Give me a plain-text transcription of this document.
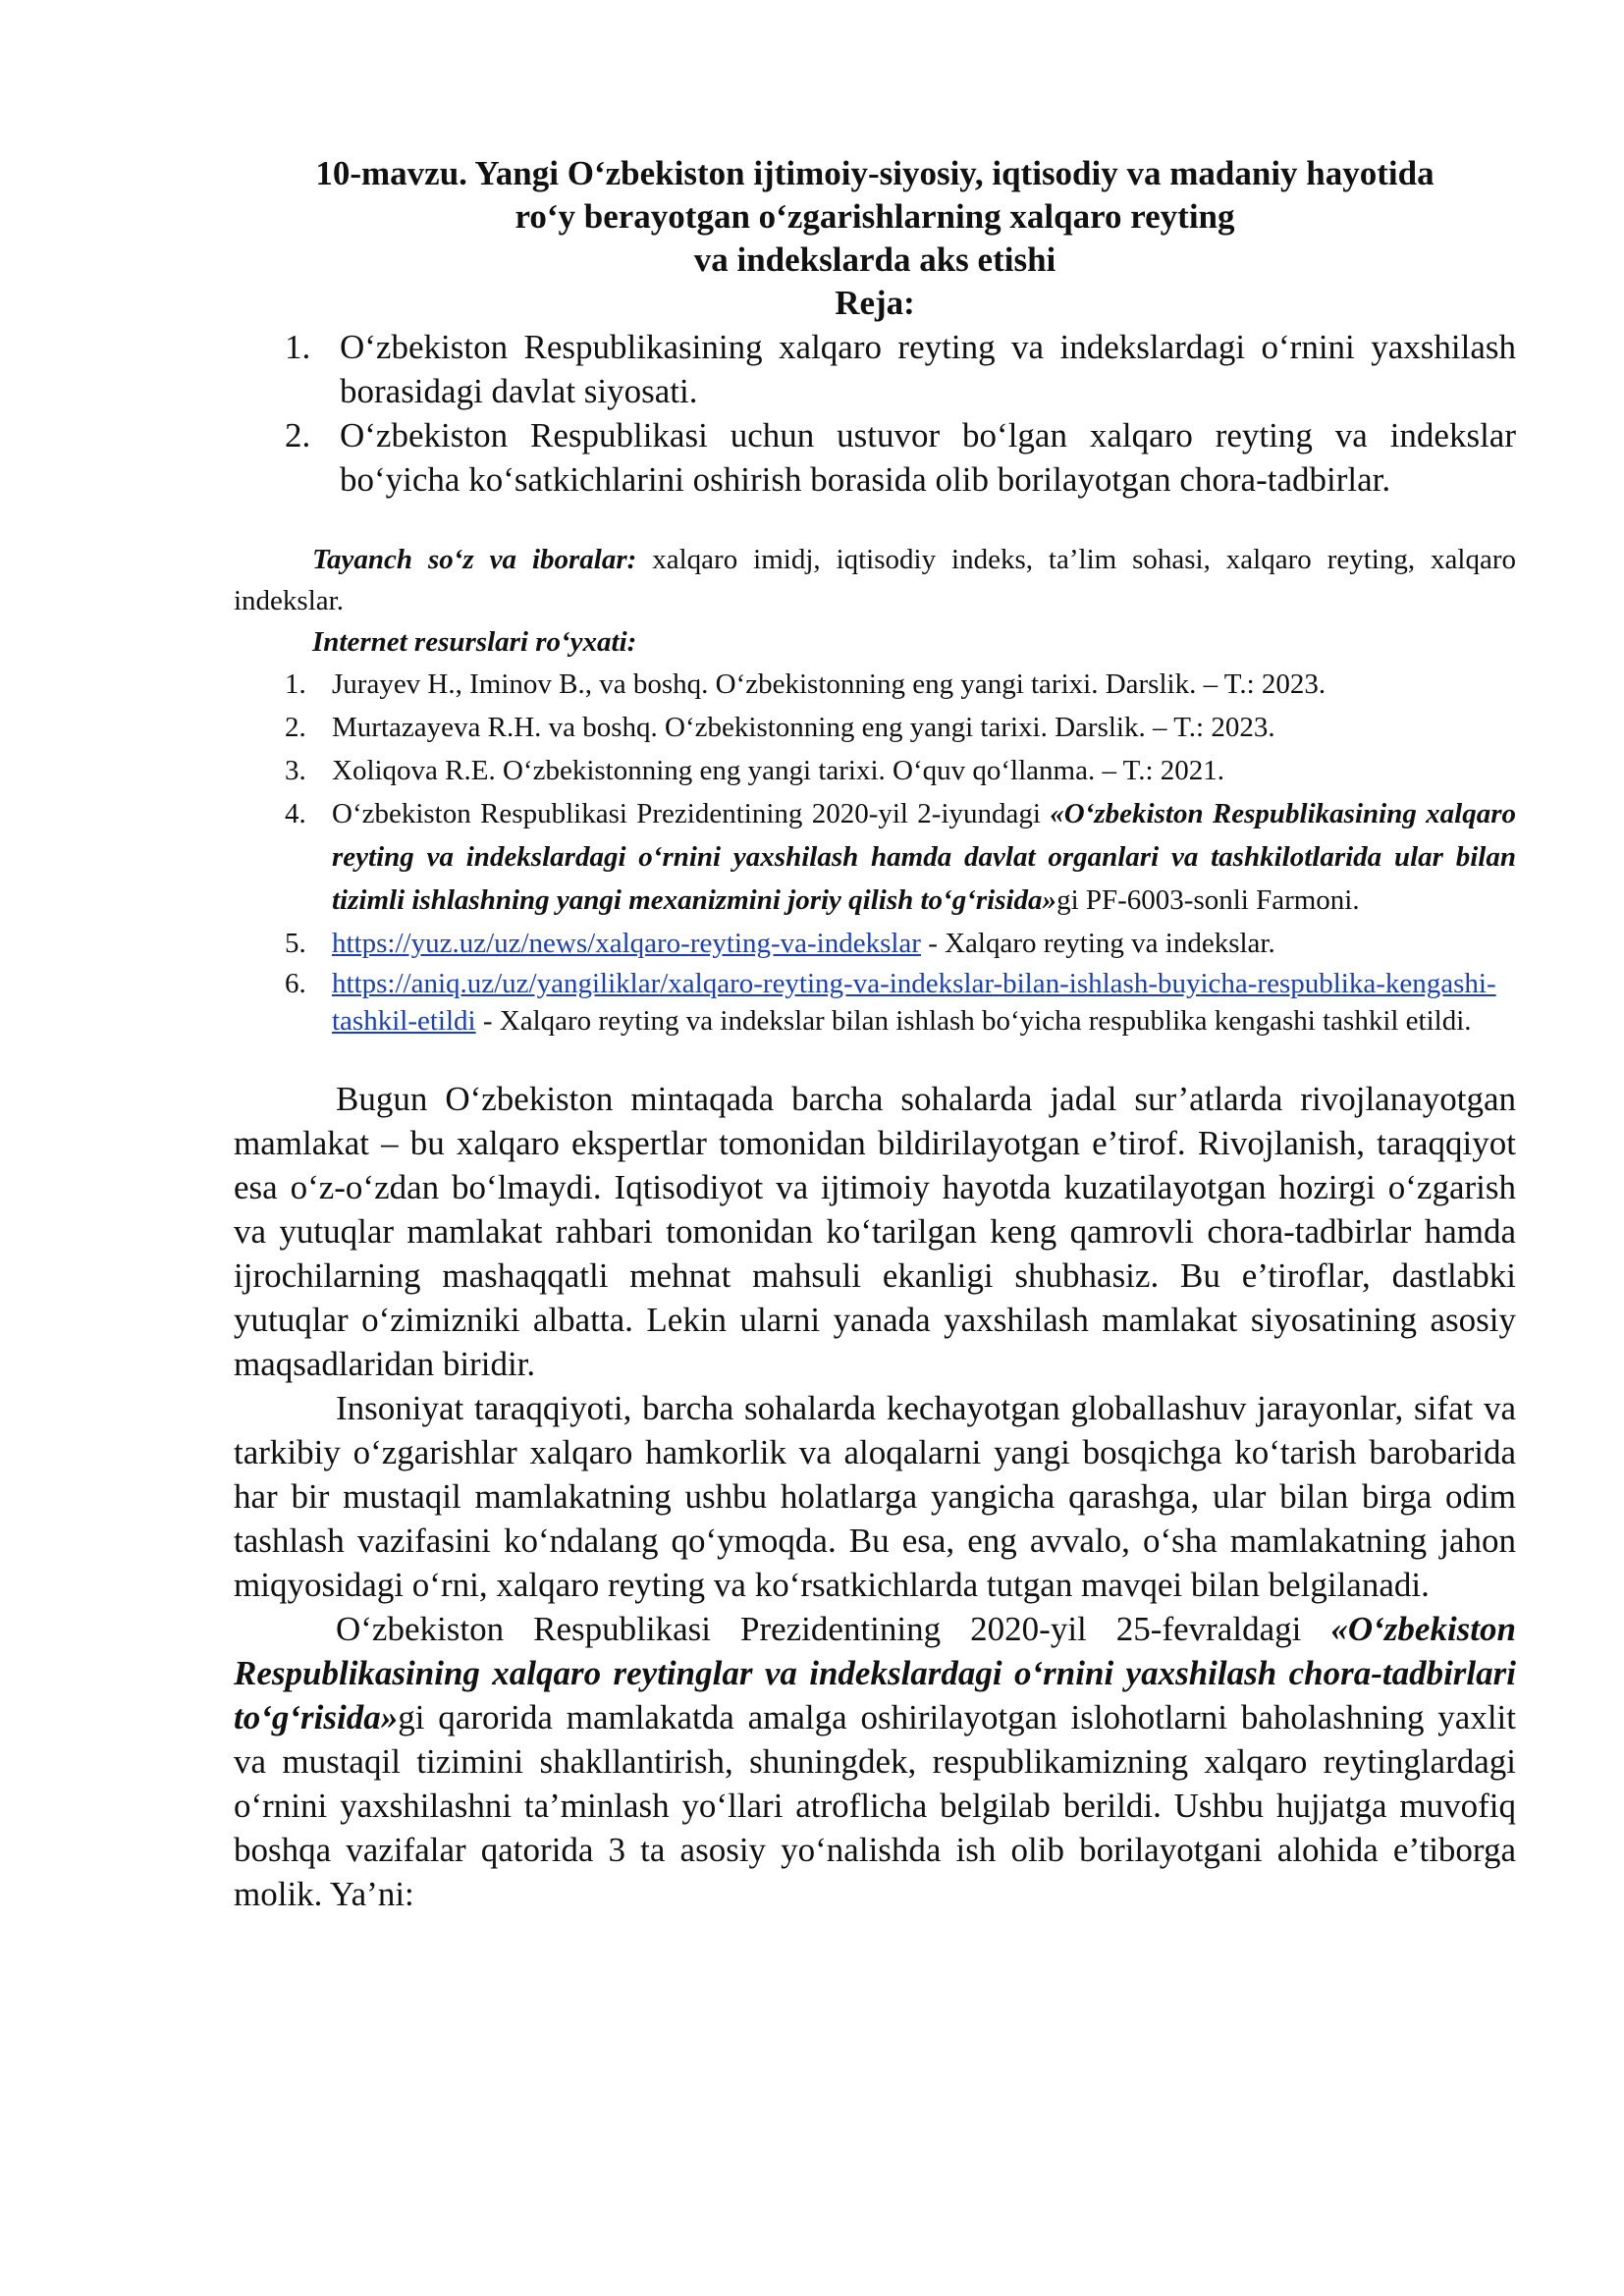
10-mavzu. Yangi O‘zbekiston ijtimoiy-siyosiy, iqtisodiy va madaniy hayotida
ro‘y berayotgan o‘zgarishlarning xalqaro reyting
va indekslarda aks etishi
Reja:
1. O‘zbekiston Respublikasining xalqaro reyting va indekslardagi o‘rnini yaxshilash borasidagi davlat siyosati.
2. O‘zbekiston Respublikasi uchun ustuvor bo‘lgan xalqaro reyting va indekslar bo‘yicha ko‘satkichlarini oshirish borasida olib borilayotgan chora-tadbirlar.
Tayanch so‘z va iboralar: xalqaro imidj, iqtisodiy indeks, ta’lim sohasi, xalqaro reyting, xalqaro indekslar.
Internet resurslari ro‘yxati:
1. Jurayev H., Iminov B., va boshq. O‘zbekistonning eng yangi tarixi. Darslik. – T.: 2023.
2. Murtazayeva R.H. va boshq. O‘zbekistonning eng yangi tarixi. Darslik. – T.: 2023.
3. Xoliqova R.E. O‘zbekistonning eng yangi tarixi. O‘quv qo‘llanma. – T.: 2021.
4. O‘zbekiston Respublikasi Prezidentining 2020-yil 2-iyundagi «O‘zbekiston Respublikasining xalqaro reyting va indekslardagi o‘rnini yaxshilash hamda davlat organlari va tashkilotlarida ular bilan tizimli ishlashning yangi mexanizmini joriy qilish to‘g‘risida»gi PF-6003-sonli Farmoni.
5. https://yuz.uz/uz/news/xalqaro-reyting-va-indekslar - Xalqaro reyting va indekslar.
6. https://aniq.uz/uz/yangiliklar/xalqaro-reyting-va-indekslar-bilan-ishlash-buyicha-respublika-kengashi-tashkil-etildi - Xalqaro reyting va indekslar bilan ishlash bo‘yicha respublika kengashi tashkil etildi.

Bugun O‘zbekiston mintaqada barcha sohalarda jadal sur’atlarda rivojlanayotgan mamlakat – bu xalqaro ekspertlar tomonidan bildirilayotgan e’tirof. Rivojlanish, taraqqiyot esa o‘z-o‘zdan bo‘lmaydi. Iqtisodiyot va ijtimoiy hayotda kuzatilayotgan hozirgi o‘zgarish va yutuqlar mamlakat rahbari tomonidan ko‘tarilgan keng qamrovli chora-tadbirlar hamda ijrochilarning mashaqqatli mehnat mahsuli ekanligi shubhasiz. Bu e’tiroflar, dastlabki yutuqlar o‘zimizniki albatta. Lekin ularni yanada yaxshilash mamlakat siyosatining asosiy maqsadlaridan biridir.

Insoniyat taraqqiyoti, barcha sohalarda kechayotgan globallashuv jarayonlar, sifat va tarkibiy o‘zgarishlar xalqaro hamkorlik va aloqalarni yangi bosqichga ko‘tarish barobarida har bir mustaqil mamlakatning ushbu holatlarga yangicha qarashga, ular bilan birga odim tashlash vazifasini ko‘ndalang qo‘ymoqda. Bu esa, eng avvalo, o‘sha mamlakatning jahon miqyosidagi o‘rni, xalqaro reyting va ko‘rsatkichlarda tutgan mavqei bilan belgilanadi.

O‘zbekiston Respublikasi Prezidentining 2020-yil 25-fevraldagi «O‘zbekiston Respublikasining xalqaro reytinglar va indekslardagi o‘rnini yaxshilash chora-tadbirlari to‘g‘risida»gi qarorida mamlakatda amalga oshirilayotgan islohotlarni baholashning yaxlit va mustaqil tizimini shakllantirish, shuningdek, respublikamizning xalqaro reytinglardagi o‘rnini yaxshilashni ta’minlash yo‘llari atroflicha belgilab berildi. Ushbu hujjatga muvofiq boshqa vazifalar qatorida 3 ta asosiy yo‘nalishda ish olib borilayotgani alohida e’tiborga molik. Ya’ni:
